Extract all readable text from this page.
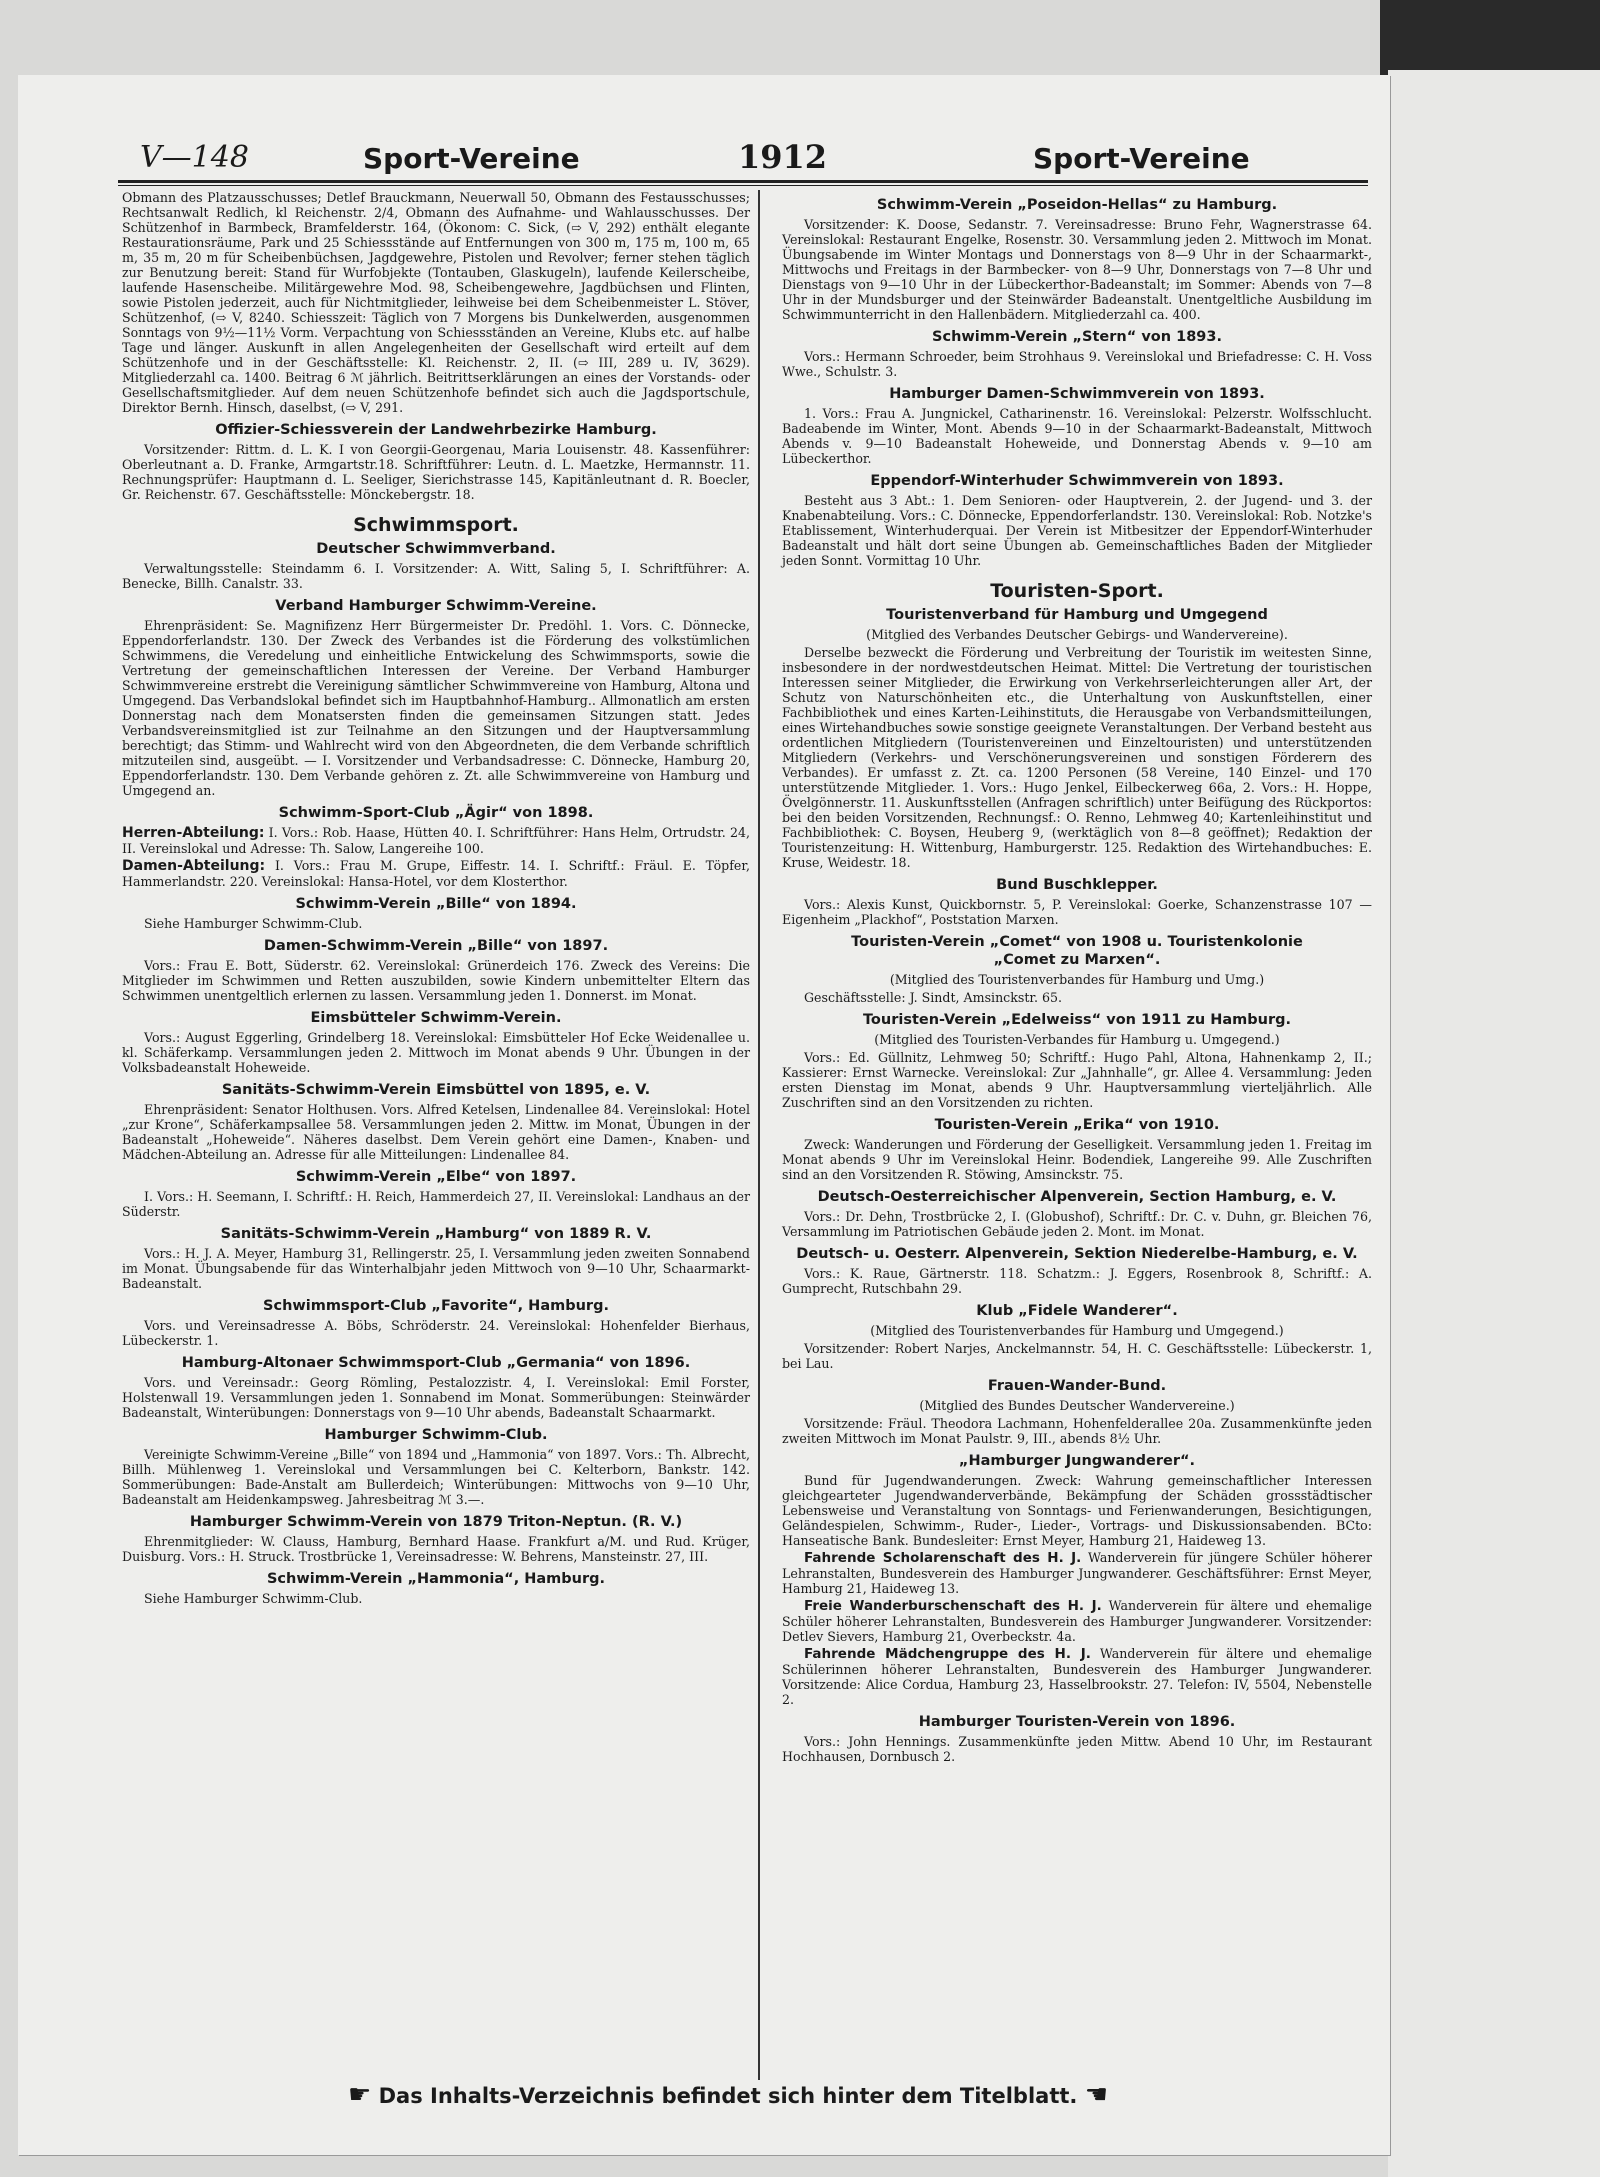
V—148	Sport-Vereine	1912	Sport-Vereine

Obmann des Platzausschusses; Detlef Brauckmann, Neuerwall 50, Obmann des Festausschusses; Rechtsanwalt Redlich, kl Reichenstr. 2/4, Obmann des Aufnahme- und Wahlausschusses. Der Schützenhof in Barmbeck, Bramfelderstr. 164, (Ökonom: C. Sick, (⇨ V, 292) enthält elegante Restaurationsräume, Park und 25 Schiessstände auf Entfernungen von 300 m, 175 m, 100 m, 65 m, 35 m, 20 m für Scheibenbüchsen, Jagdgewehre, Pistolen und Revolver; ferner stehen täglich zur Benutzung bereit: Stand für Wurfobjekte (Tontauben, Glaskugeln), laufende Keilerscheibe, laufende Hasenscheibe. Militärgewehre Mod. 98, Scheibengewehre, Jagdbüchsen und Flinten, sowie Pistolen jederzeit, auch für Nichtmitglieder, leihweise bei dem Scheibenmeister L. Stöver, Schützenhof, (⇨ V, 8240. Schiesszeit: Täglich von 7 Morgens bis Dunkelwerden, ausgenommen Sonntags von 9½—11½ Vorm. Verpachtung von Schiessständen an Vereine, Klubs etc. auf halbe Tage und länger. Auskunft in allen Angelegenheiten der Gesellschaft wird erteilt auf dem Schützenhofe und in der Geschäftsstelle: Kl. Reichenstr. 2, II. (⇨ III, 289 u. IV, 3629). Mitgliederzahl ca. 1400. Beitrag 6 ℳ jährlich. Beitrittserklärungen an eines der Vorstands- oder Gesellschaftsmitglieder. Auf dem neuen Schützenhofe befindet sich auch die Jagdsportschule, Direktor Bernh. Hinsch, daselbst, (⇨ V, 291.

Offizier-Schiessverein der Landwehrbezirke Hamburg.

Vorsitzender: Rittm. d. L. K. I von Georgii-Georgenau, Maria Louisenstr. 48. Kassenführer: Oberleutnant a. D. Franke, Armgartstr.18. Schriftführer: Leutn. d. L. Maetzke, Hermannstr. 11. Rechnungsprüfer: Hauptmann d. L. Seeliger, Sierichstrasse 145, Kapitänleutnant d. R. Boecler, Gr. Reichenstr. 67. Geschäftsstelle: Mönckebergstr. 18.

Schwimmsport.
Deutscher Schwimmverband.

Verwaltungsstelle: Steindamm 6. I. Vorsitzender: A. Witt, Saling 5, I. Schriftführer: A. Benecke, Billh. Canalstr. 33.

Verband Hamburger Schwimm-Vereine.

Ehrenpräsident: Se. Magnifizenz Herr Bürgermeister Dr. Predöhl. 1. Vors. C. Dönnecke, Eppendorferlandstr. 130. Der Zweck des Verbandes ist die Förderung des volkstümlichen Schwimmens, die Veredelung und einheitliche Entwickelung des Schwimmsports, sowie die Vertretung der gemeinschaftlichen Interessen der Vereine. Der Verband Hamburger Schwimmvereine erstrebt die Vereinigung sämtlicher Schwimmvereine von Hamburg, Altona und Umgegend. Das Verbandslokal befindet sich im Hauptbahnhof-Hamburg.. Allmonatlich am ersten Donnerstag nach dem Monatsersten finden die gemeinsamen Sitzungen statt. Jedes Verbandsvereinsmitglied ist zur Teilnahme an den Sitzungen und der Hauptversammlung berechtigt; das Stimm- und Wahlrecht wird von den Abgeordneten, die dem Verbande schriftlich mitzuteilen sind, ausgeübt. — I. Vorsitzender und Verbandsadresse: C. Dönnecke, Hamburg 20, Eppendorferlandstr. 130. Dem Verbande gehören z. Zt. alle Schwimmvereine von Hamburg und Umgegend an.

Schwimm-Sport-Club „Ägir“ von 1898.

Herren-Abteilung: I. Vors.: Rob. Haase, Hütten 40. I. Schriftführer: Hans Helm, Ortrudstr. 24, II. Vereinslokal und Adresse: Th. Salow, Langereihe 100.

Damen-Abteilung: I. Vors.: Frau M. Grupe, Eiffestr. 14. I. Schriftf.: Fräul. E. Töpfer, Hammerlandstr. 220. Vereinslokal: Hansa-Hotel, vor dem Klosterthor.

Schwimm-Verein „Bille“ von 1894.

Siehe Hamburger Schwimm-Club.

Damen-Schwimm-Verein „Bille“ von 1897.

Vors.: Frau E. Bott, Süderstr. 62. Vereinslokal: Grünerdeich 176. Zweck des Vereins: Die Mitglieder im Schwimmen und Retten auszubilden, sowie Kindern unbemittelter Eltern das Schwimmen unentgeltlich erlernen zu lassen. Versammlung jeden 1. Donnerst. im Monat.

Eimsbütteler Schwimm-Verein.

Vors.: August Eggerling, Grindelberg 18. Vereinslokal: Eimsbütteler Hof Ecke Weidenallee u. kl. Schäferkamp. Versammlungen jeden 2. Mittwoch im Monat abends 9 Uhr. Übungen in der Volksbadeanstalt Hoheweide.

Sanitäts-Schwimm-Verein Eimsbüttel von 1895, e. V.

Ehrenpräsident: Senator Holthusen. Vors. Alfred Ketelsen, Lindenallee 84. Vereinslokal: Hotel „zur Krone“, Schäferkampsallee 58. Versammlungen jeden 2. Mittw. im Monat, Übungen in der Badeanstalt „Hoheweide“. Näheres daselbst. Dem Verein gehört eine Damen-, Knaben- und Mädchen-Abteilung an. Adresse für alle Mitteilungen: Lindenallee 84.

Schwimm-Verein „Elbe“ von 1897.

I. Vors.: H. Seemann, I. Schriftf.: H. Reich, Hammerdeich 27, II. Vereinslokal: Landhaus an der Süderstr.

Sanitäts-Schwimm-Verein „Hamburg“ von 1889 R. V.

Vors.: H. J. A. Meyer, Hamburg 31, Rellingerstr. 25, I. Versammlung jeden zweiten Sonnabend im Monat. Übungsabende für das Winterhalbjahr jeden Mittwoch von 9—10 Uhr, Schaarmarkt-Badeanstalt.

Schwimmsport-Club „Favorite“, Hamburg.

Vors. und Vereinsadresse A. Böbs, Schröderstr. 24. Vereinslokal: Hohenfelder Bierhaus, Lübeckerstr. 1.

Hamburg-Altonaer Schwimmsport-Club „Germania“ von 1896.

Vors. und Vereinsadr.: Georg Römling, Pestalozzistr. 4, I. Vereinslokal: Emil Forster, Holstenwall 19. Versammlungen jeden 1. Sonnabend im Monat. Sommerübungen: Steinwärder Badeanstalt, Winterübungen: Donnerstags von 9—10 Uhr abends, Badeanstalt Schaarmarkt.

Hamburger Schwimm-Club.

Vereinigte Schwimm-Vereine „Bille“ von 1894 und „Hammonia“ von 1897. Vors.: Th. Albrecht, Billh. Mühlenweg 1. Vereinslokal und Versammlungen bei C. Kelterborn, Bankstr. 142. Sommerübungen: Bade-Anstalt am Bullerdeich; Winterübungen: Mittwochs von 9—10 Uhr, Badeanstalt am Heidenkampsweg. Jahresbeitrag ℳ 3.—.

Hamburger Schwimm-Verein von 1879 Triton-Neptun. (R. V.)

Ehrenmitglieder: W. Clauss, Hamburg, Bernhard Haase. Frankfurt a/M. und Rud. Krüger, Duisburg. Vors.: H. Struck. Trostbrücke 1, Vereinsadresse: W. Behrens, Mansteinstr. 27, III.

Schwimm-Verein „Hammonia“, Hamburg.

Siehe Hamburger Schwimm-Club.

Schwimm-Verein „Poseidon-Hellas“ zu Hamburg.

Vorsitzender: K. Doose, Sedanstr. 7. Vereinsadresse: Bruno Fehr, Wagnerstrasse 64. Vereinslokal: Restaurant Engelke, Rosenstr. 30. Versammlung jeden 2. Mittwoch im Monat. Übungsabende im Winter Montags und Donnerstags von 8—9 Uhr in der Schaarmarkt-, Mittwochs und Freitags in der Barmbecker- von 8—9 Uhr, Donnerstags von 7—8 Uhr und Dienstags von 9—10 Uhr in der Lübeckerthor-Badeanstalt; im Sommer: Abends von 7—8 Uhr in der Mundsburger und der Steinwärder Badeanstalt. Unentgeltliche Ausbildung im Schwimmunterricht in den Hallenbädern. Mitgliederzahl ca. 400.

Schwimm-Verein „Stern“ von 1893.

Vors.: Hermann Schroeder, beim Strohhaus 9. Vereinslokal und Briefadresse: C. H. Voss Wwe., Schulstr. 3.

Hamburger Damen-Schwimmverein von 1893.

1. Vors.: Frau A. Jungnickel, Catharinenstr. 16. Vereinslokal: Pelzerstr. Wolfsschlucht. Badeabende im Winter, Mont. Abends 9—10 in der Schaarmarkt-Badeanstalt, Mittwoch Abends v. 9—10 Badeanstalt Hoheweide, und Donnerstag Abends v. 9—10 am Lübeckerthor.

Eppendorf-Winterhuder Schwimmverein von 1893.

Besteht aus 3 Abt.: 1. Dem Senioren- oder Hauptverein, 2. der Jugend- und 3. der Knabenabteilung. Vors.: C. Dönnecke, Eppendorferlandstr. 130. Vereinslokal: Rob. Notzke's Etablissement, Winterhuderquai. Der Verein ist Mitbesitzer der Eppendorf-Winterhuder Badeanstalt und hält dort seine Übungen ab. Gemeinschaftliches Baden der Mitglieder jeden Sonnt. Vormittag 10 Uhr.

Touristen-Sport.
Touristenverband für Hamburg und Umgegend
(Mitglied des Verbandes Deutscher Gebirgs- und Wandervereine).

Derselbe bezweckt die Förderung und Verbreitung der Touristik im weitesten Sinne, insbesondere in der nordwestdeutschen Heimat. Mittel: Die Vertretung der touristischen Interessen seiner Mitglieder, die Erwirkung von Verkehrserleichterungen aller Art, der Schutz von Naturschönheiten etc., die Unterhaltung von Auskunftstellen, einer Fachbibliothek und eines Karten-Leihinstituts, die Herausgabe von Verbandsmitteilungen, eines Wirtehandbuches sowie sonstige geeignete Veranstaltungen. Der Verband besteht aus ordentlichen Mitgliedern (Touristenvereinen und Einzeltouristen) und unterstützenden Mitgliedern (Verkehrs- und Verschönerungsvereinen und sonstigen Förderern des Verbandes). Er umfasst z. Zt. ca. 1200 Personen (58 Vereine, 140 Einzel- und 170 unterstützende Mitglieder. 1. Vors.: Hugo Jenkel, Eilbeckerweg 66a, 2. Vors.: H. Hoppe, Övelgönnerstr. 11. Auskunftsstellen (Anfragen schriftlich) unter Beifügung des Rückportos: bei den beiden Vorsitzenden, Rechnungsf.: O. Renno, Lehmweg 40; Kartenleihinstitut und Fachbibliothek: C. Boysen, Heuberg 9, (werktäglich von 8—8 geöffnet); Redaktion der Touristenzeitung: H. Wittenburg, Hamburgerstr. 125. Redaktion des Wirtehandbuches: E. Kruse, Weidestr. 18.

Bund Buschklepper.

Vors.: Alexis Kunst, Quickbornstr. 5, P. Vereinslokal: Goerke, Schanzenstrasse 107 — Eigenheim „Plackhof“, Poststation Marxen.

Touristen-Verein „Comet“ von 1908 u. Touristenkolonie
„Comet zu Marxen“.
(Mitglied des Touristenverbandes für Hamburg und Umg.)

Geschäftsstelle: J. Sindt, Amsinckstr. 65.

Touristen-Verein „Edelweiss“ von 1911 zu Hamburg.
(Mitglied des Touristen-Verbandes für Hamburg u. Umgegend.)

Vors.: Ed. Güllnitz, Lehmweg 50; Schriftf.: Hugo Pahl, Altona, Hahnenkamp 2, II.; Kassierer: Ernst Warnecke. Vereinslokal: Zur „Jahnhalle“, gr. Allee 4. Versammlung: Jeden ersten Dienstag im Monat, abends 9 Uhr. Hauptversammlung vierteljährlich. Alle Zuschriften sind an den Vorsitzenden zu richten.

Touristen-Verein „Erika“ von 1910.

Zweck: Wanderungen und Förderung der Geselligkeit. Versammlung jeden 1. Freitag im Monat abends 9 Uhr im Vereinslokal Heinr. Bodendiek, Langereihe 99. Alle Zuschriften sind an den Vorsitzenden R. Stöwing, Amsinckstr. 75.

Deutsch-Oesterreichischer Alpenverein, Section Hamburg, e. V.

Vors.: Dr. Dehn, Trostbrücke 2, I. (Globushof), Schriftf.: Dr. C. v. Duhn, gr. Bleichen 76, Versammlung im Patriotischen Gebäude jeden 2. Mont. im Monat.

Deutsch- u. Oesterr. Alpenverein, Sektion Niederelbe-Hamburg, e. V.

Vors.: K. Raue, Gärtnerstr. 118. Schatzm.: J. Eggers, Rosenbrook 8, Schriftf.: A. Gumprecht, Rutschbahn 29.

Klub „Fidele Wanderer“.
(Mitglied des Touristenverbandes für Hamburg und Umgegend.)

Vorsitzender: Robert Narjes, Anckelmannstr. 54, H. C. Geschäftsstelle: Lübeckerstr. 1, bei Lau.

Frauen-Wander-Bund.
(Mitglied des Bundes Deutscher Wandervereine.)

Vorsitzende: Fräul. Theodora Lachmann, Hohenfelderallee 20a. Zusammenkünfte jeden zweiten Mittwoch im Monat Paulstr. 9, III., abends 8½ Uhr.

„Hamburger Jungwanderer“.

Bund für Jugendwanderungen. Zweck: Wahrung gemeinschaftlicher Interessen gleichgearteter Jugendwanderverbände, Bekämpfung der Schäden grossstädtischer Lebensweise und Veranstaltung von Sonntags- und Ferienwanderungen, Besichtigungen, Geländespielen, Schwimm-, Ruder-, Lieder-, Vortrags- und Diskussionsabenden. BCto: Hanseatische Bank. Bundesleiter: Ernst Meyer, Hamburg 21, Haideweg 13.

Fahrende Scholarenschaft des H. J. Wanderverein für jüngere Schüler höherer Lehranstalten, Bundesverein des Hamburger Jungwanderer. Geschäftsführer: Ernst Meyer, Hamburg 21, Haideweg 13.

Freie Wanderburschenschaft des H. J. Wanderverein für ältere und ehemalige Schüler höherer Lehranstalten, Bundesverein des Hamburger Jungwanderer. Vorsitzender: Detlev Sievers, Hamburg 21, Overbeckstr. 4a.

Fahrende Mädchengruppe des H. J. Wanderverein für ältere und ehemalige Schülerinnen höherer Lehranstalten, Bundesverein des Hamburger Jungwanderer. Vorsitzende: Alice Cordua, Hamburg 23, Hasselbrookstr. 27. Telefon: IV, 5504, Nebenstelle 2.

Hamburger Touristen-Verein von 1896.

Vors.: John Hennings. Zusammenkünfte jeden Mittw. Abend 10 Uhr, im Restaurant Hochhausen, Dornbusch 2.

☛ Das Inhalts-Verzeichnis befindet sich hinter dem Titelblatt. ☚
